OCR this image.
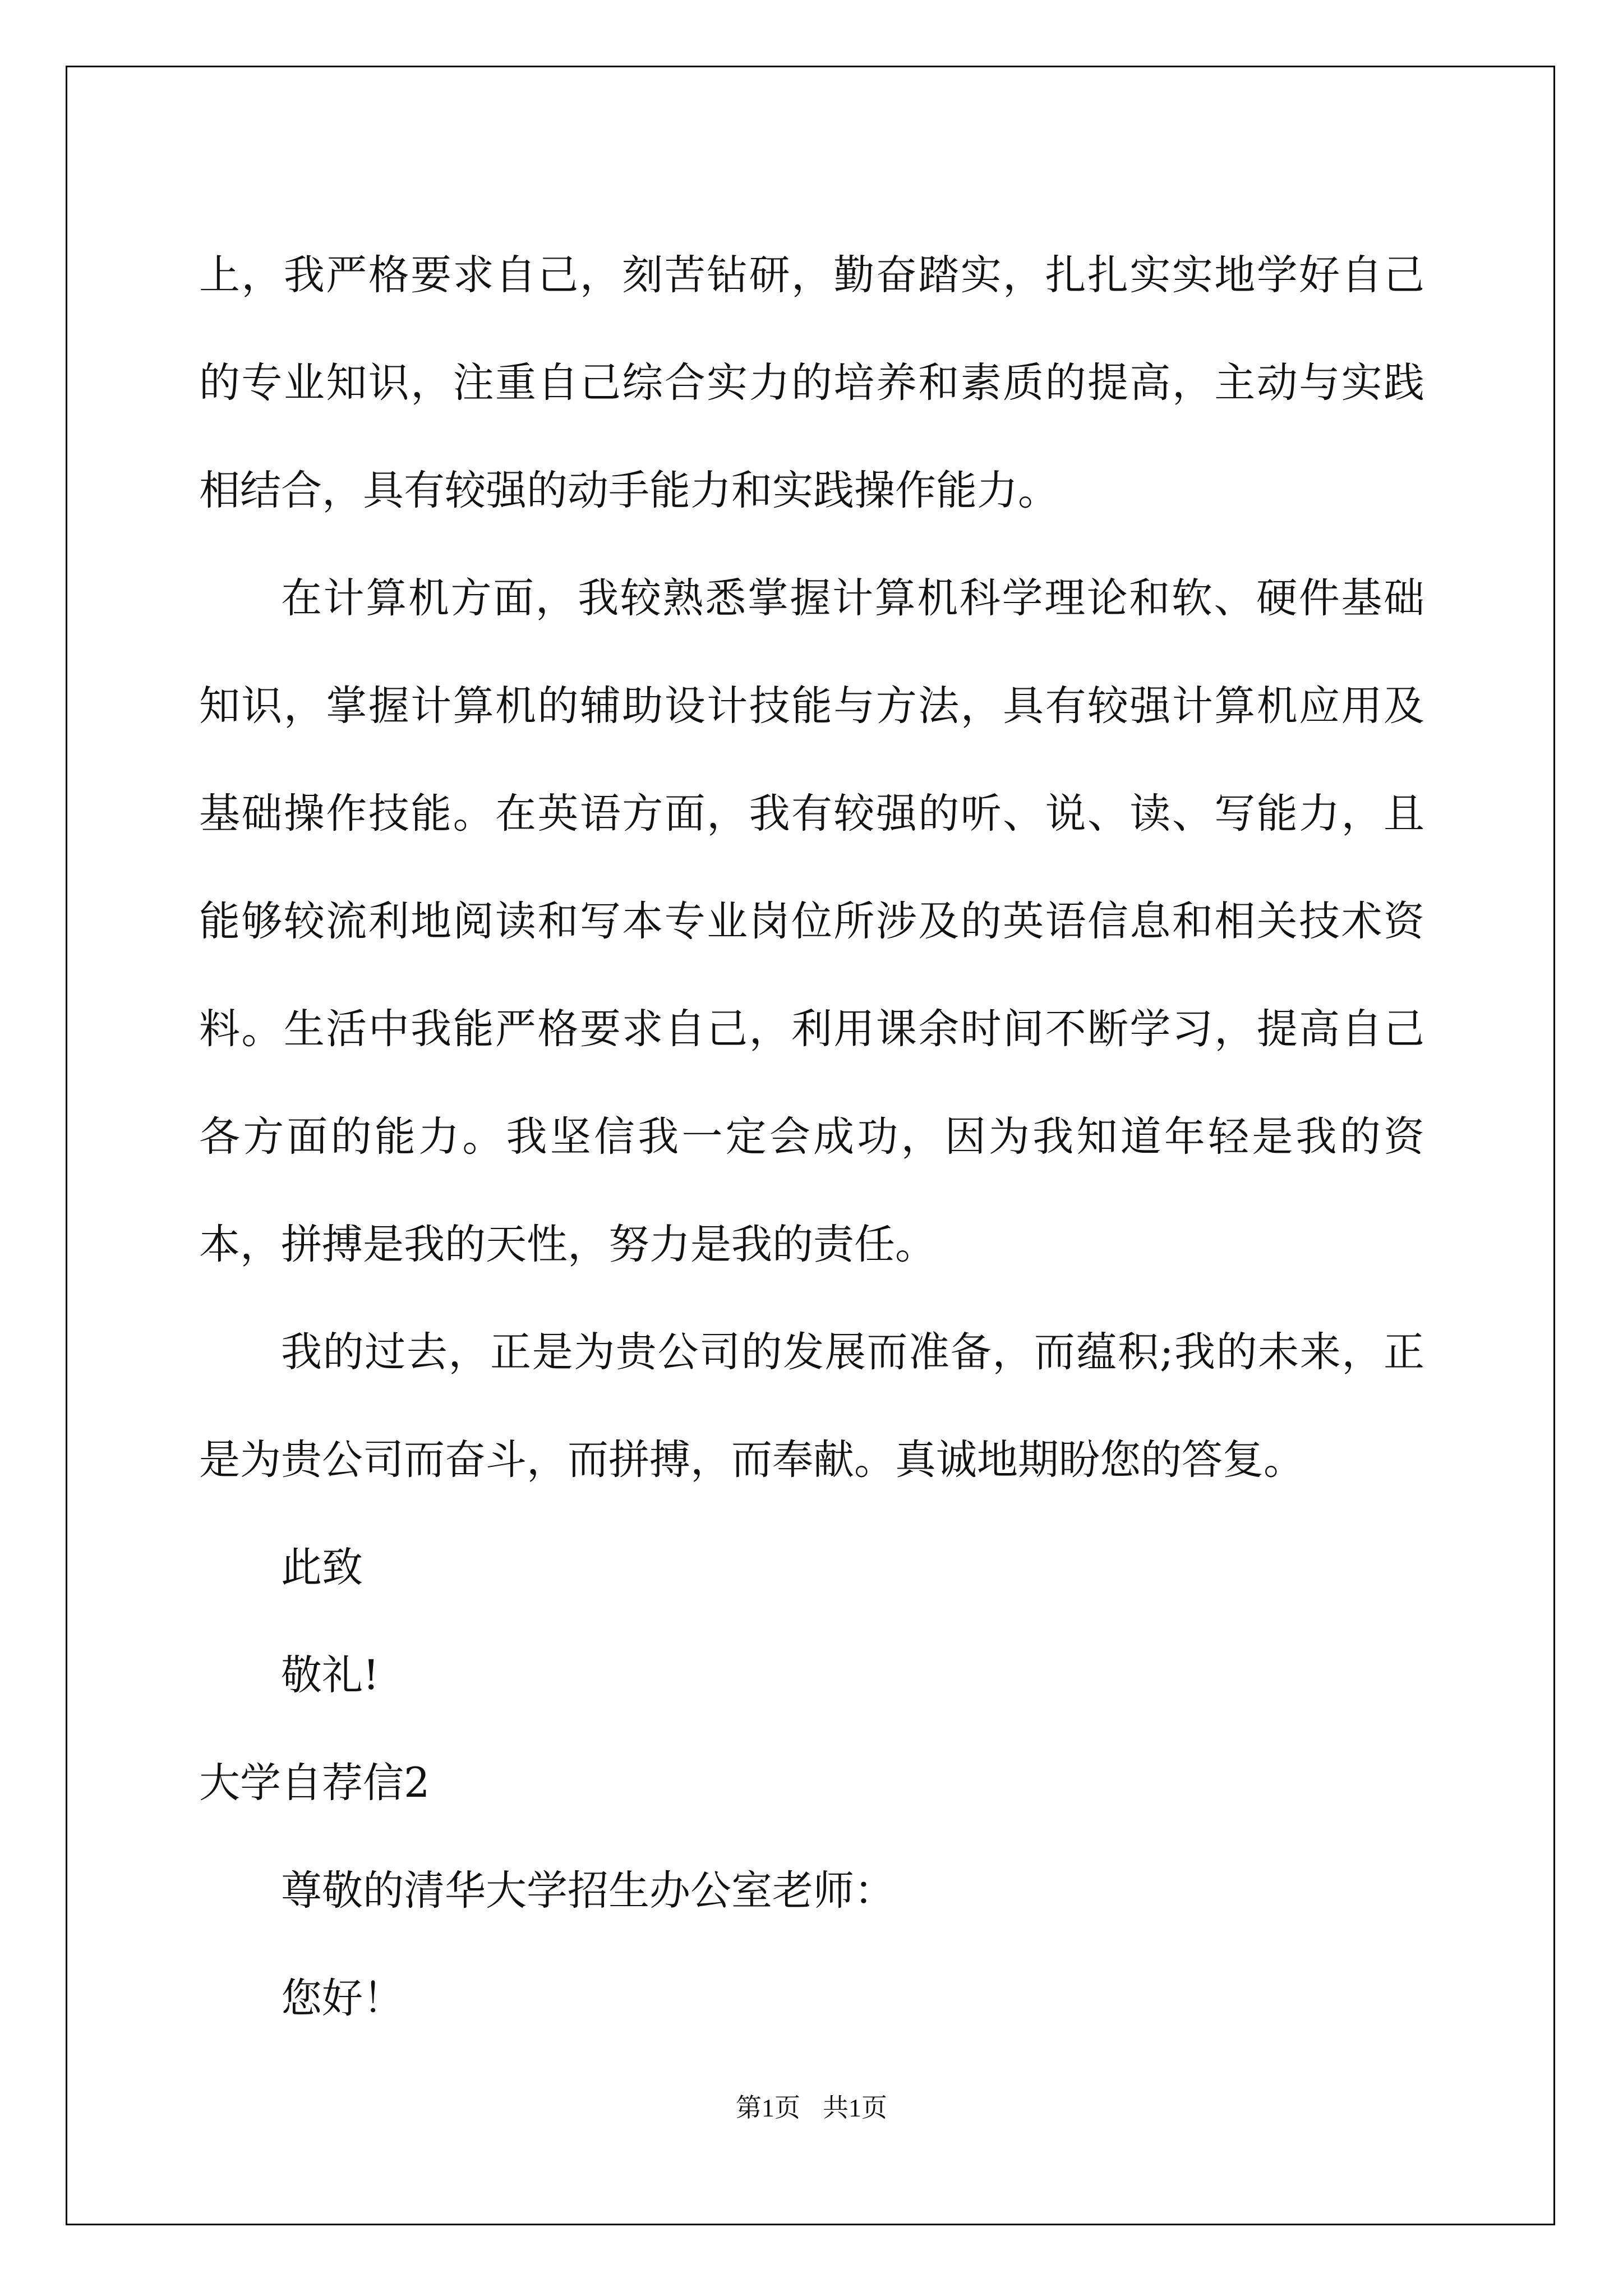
上，我严格要求自己，刻苦钻研，勤奋踏实，扎扎实实地学好自己的专业知识，注重自己综合实力的培养和素质的提高，主动与实践相结合，具有较强的动手能力和实践操作能力。

在计算机方面，我较熟悉掌握计算机科学理论和软、硬件基础知识，掌握计算机的辅助设计技能与方法，具有较强计算机应用及基础操作技能。在英语方面，我有较强的听、说、读、写能力，且能够较流利地阅读和写本专业岗位所涉及的英语信息和相关技术资料。生活中我能严格要求自己，利用课余时间不断学习，提高自己各方面的能力。我坚信我一定会成功，因为我知道年轻是我的资本，拼搏是我的天性，努力是我的责任。

我的过去，正是为贵公司的发展而准备，而蕴积;我的未来，正是为贵公司而奋斗，而拼搏，而奉献。真诚地期盼您的答复。

此致

敬礼!

大学自荐信2

尊敬的清华大学招生办公室老师：

您好！

第1页 共1页
